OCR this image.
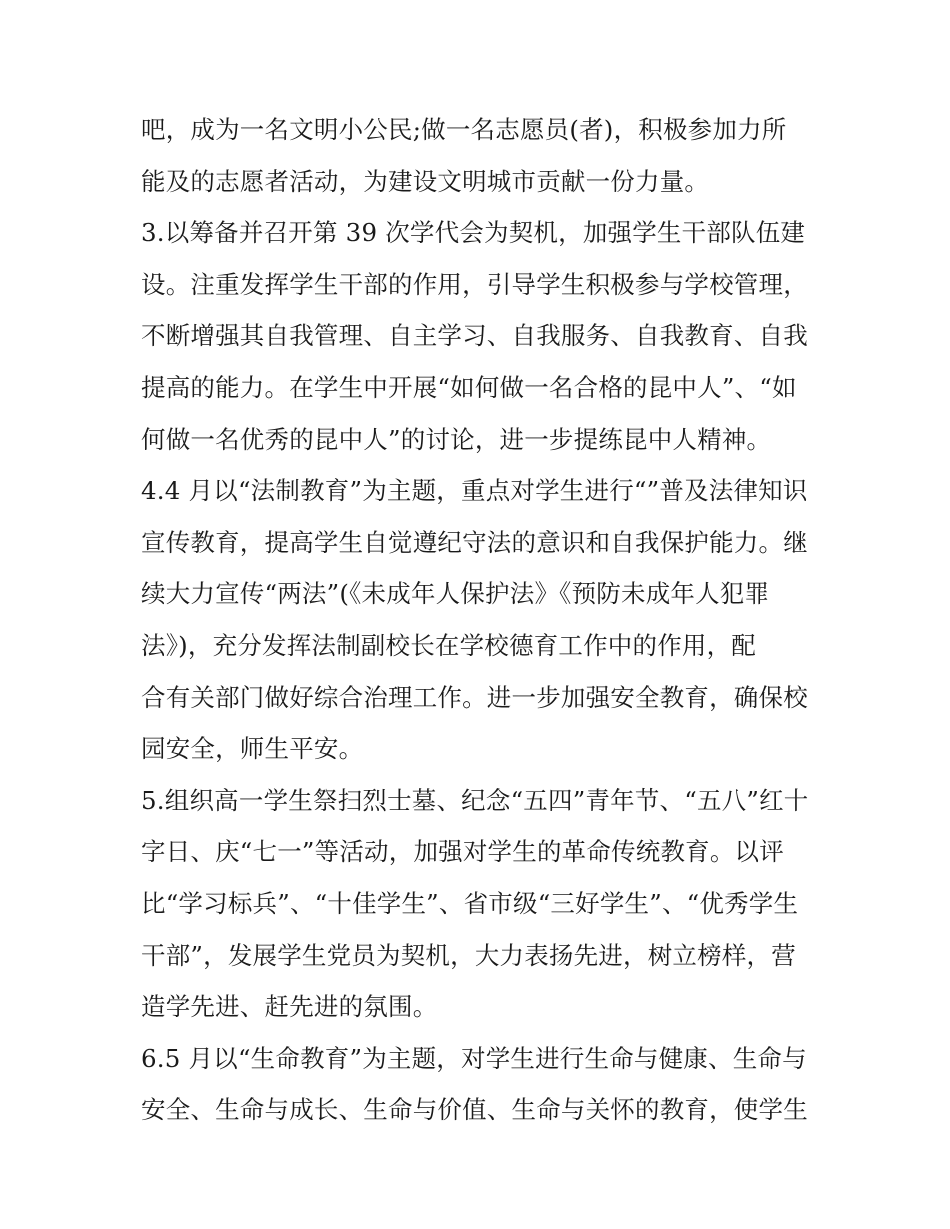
吧，成为一名文明小公民;做一名志愿员(者)，积极参加力所
能及的志愿者活动，为建设文明城市贡献一份力量。
3.以筹备并召开第 39 次学代会为契机，加强学生干部队伍建
设。注重发挥学生干部的作用，引导学生积极参与学校管理，
不断增强其自我管理、自主学习、自我服务、自我教育、自我
提高的能力。在学生中开展“如何做一名合格的昆中人”、“如
何做一名优秀的昆中人”的讨论，进一步提练昆中人精神。
4.4 月以“法制教育”为主题，重点对学生进行“”普及法律知识
宣传教育，提高学生自觉遵纪守法的意识和自我保护能力。继
续大力宣传“两法”(《未成年人保护法》《预防未成年人犯罪
法》)，充分发挥法制副校长在学校德育工作中的作用，配
合有关部门做好综合治理工作。进一步加强安全教育，确保校
园安全，师生平安。
5.组织高一学生祭扫烈士墓、纪念“五四”青年节、“五八”红十
字日、庆“七一”等活动，加强对学生的革命传统教育。以评
比“学习标兵”、“十佳学生”、省市级“三好学生”、“优秀学生
干部”，发展学生党员为契机，大力表扬先进，树立榜样，营
造学先进、赶先进的氛围。
6.5 月以“生命教育”为主题，对学生进行生命与健康、生命与
安全、生命与成长、生命与价值、生命与关怀的教育，使学生
